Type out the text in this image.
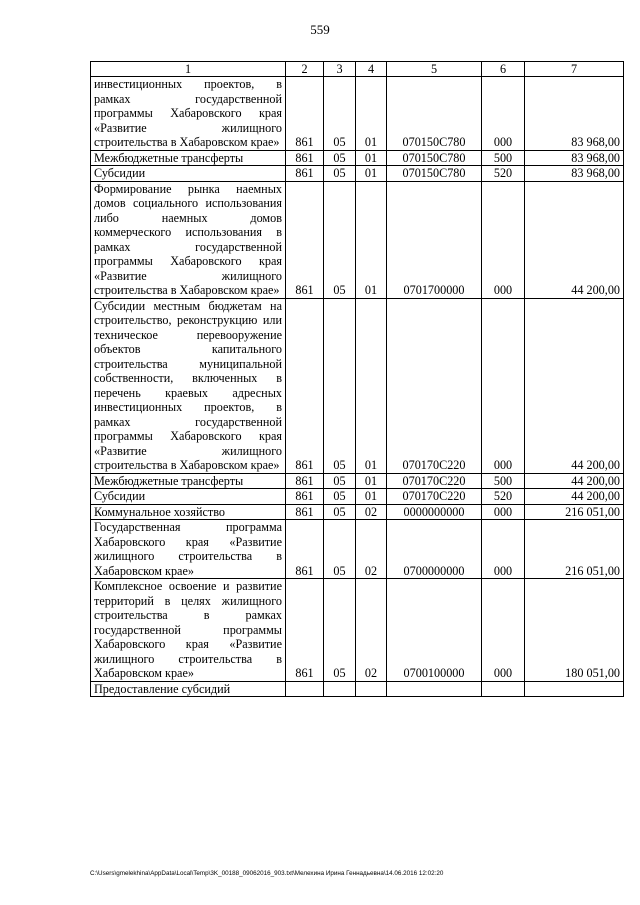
559
1	2	3	4	5	6	7
инвестиционных проектов, в рамках государственной программы Хабаровского края «Развитие жилищного строительства в Хабаровском крае»	861	05	01	070150C780	000	83 968,00
Межбюджетные трансферты	861	05	01	070150C780	500	83 968,00
Субсидии	861	05	01	070150C780	520	83 968,00
Формирование рынка наемных домов социального использования либо наемных домов коммерческого использования в рамках государственной программы Хабаровского края «Развитие жилищного строительства в Хабаровском крае»	861	05	01	0701700000	000	44 200,00
Субсидии местным бюджетам на строительство, реконструкцию или техническое перевооружение объектов капитального строительства муниципальной собственности, включенных в перечень краевых адресных инвестиционных проектов, в рамках государственной программы Хабаровского края «Развитие жилищного строительства в Хабаровском крае»	861	05	01	070170C220	000	44 200,00
Межбюджетные трансферты	861	05	01	070170C220	500	44 200,00
Субсидии	861	05	01	070170C220	520	44 200,00
Коммунальное хозяйство	861	05	02	0000000000	000	216 051,00
Государственная программа Хабаровского края «Развитие жилищного строительства в Хабаровском крае»	861	05	02	0700000000	000	216 051,00
Комплексное освоение и развитие территорий в целях жилищного строительства в рамках государственной программы Хабаровского края «Развитие жилищного строительства в Хабаровском крае»	861	05	02	0700100000	000	180 051,00
Предоставление субсидий						
C:\Users\gmelekhina\AppData\Local\Temp\3K_00188_09062016_903.txt\Мелехина Ирина Геннадьевна\14.06.2016 12:02:20
